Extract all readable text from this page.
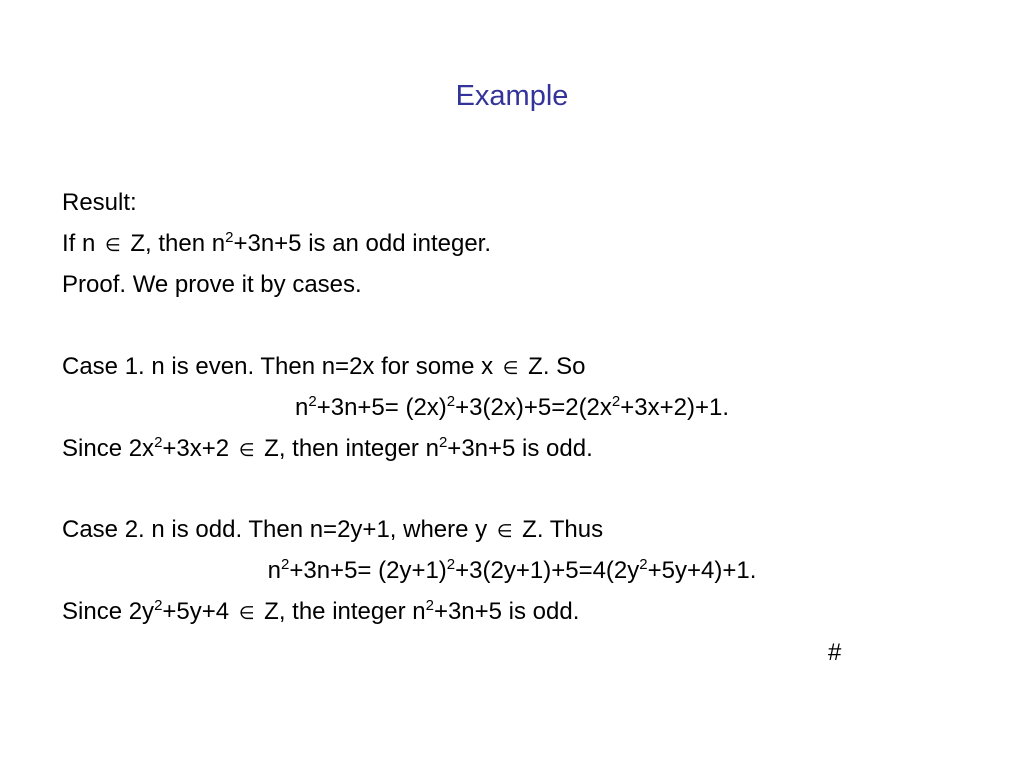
Example
Result:
If n ∈ Z, then $n^2+3n+5$ is an odd integer.
Proof. We prove it by cases.
Case 1. n is even. Then n=2x for some x ∈ Z. So
$n^2+3n+5= (2x)^2+3(2x)+5=2(2x^2+3x+2)+1$.
Since $2x^2+3x+2$ ∈ Z, then integer $n^2+3n+5$ is odd.
Case 2. n is odd. Then n=2y+1, where y ∈ Z. Thus
$n^2+3n+5= (2y+1)^2+3(2y+1)+5=4(2y^2+5y+4)+1$.
Since $2y^2+5y+4$ ∈ Z, the integer $n^2+3n+5$ is odd.
#
